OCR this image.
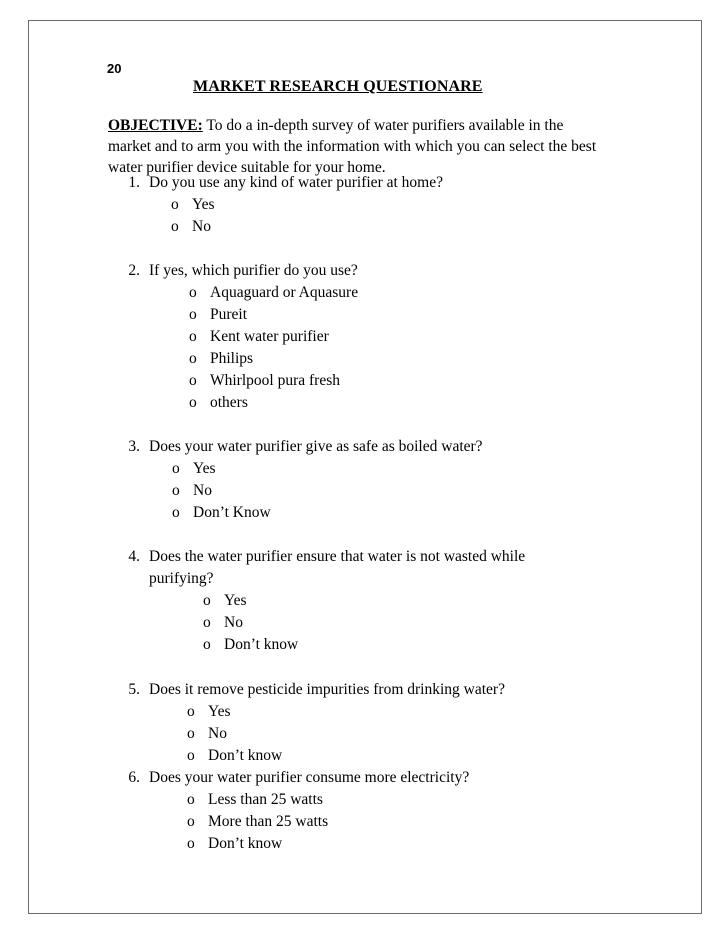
20
MARKET RESEARCH QUESTIONARE
OBJECTIVE: To do a in-depth survey of water purifiers available in the market and to arm you with the information with which you can select the best water purifier device suitable for your home.
1. Do you use any kind of water purifier at home?
o Yes
o No
2. If yes, which purifier do you use?
o Aquaguard or Aquasure
o Pureit
o Kent water purifier
o Philips
o Whirlpool pura fresh
o others
3. Does your water purifier give as safe as boiled water?
o Yes
o No
o Don’t Know
4. Does the water purifier ensure that water is not wasted while
purifying?
o Yes
o No
o Don’t know
5. Does it remove pesticide impurities from drinking water?
o Yes
o No
o Don’t know
6. Does your water purifier consume more electricity?
o Less than 25 watts
o More than 25 watts
o Don’t know
